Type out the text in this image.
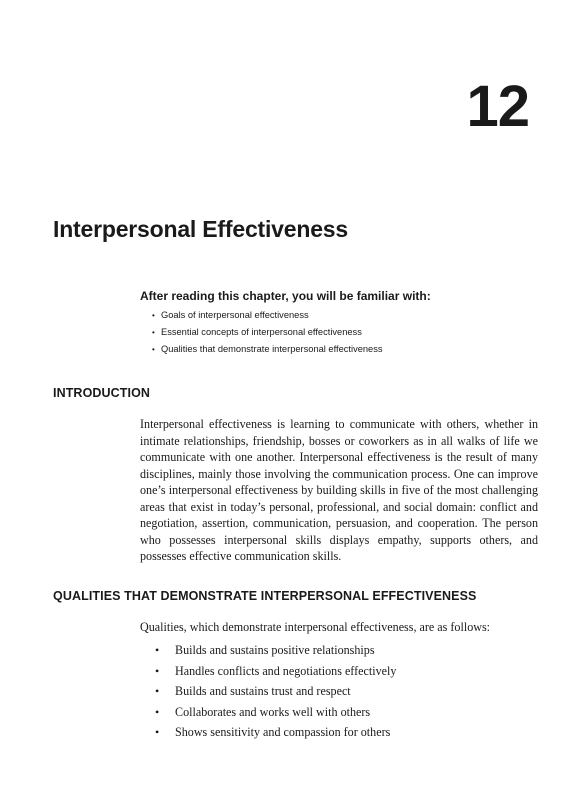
12
Interpersonal Effectiveness

After reading this chapter, you will be familiar with:

• Goals of interpersonal effectiveness
• Essential concepts of interpersonal effectiveness
• Qualities that demonstrate interpersonal effectiveness
INTRODUCTION

Interpersonal effectiveness is learning to communicate with others, whether in intimate relationships, friendship, bosses or coworkers as in all walks of life we communicate with one another. Interpersonal effectiveness is the result of many disciplines, mainly those involving the communication process. One can improve one’s interpersonal effectiveness by building skills in five of the most challenging areas that exist in today’s personal, professional, and social domain: conflict and negotiation, assertion, communication, persuasion, and cooperation. The person who possesses interpersonal skills displays empathy, supports others, and possesses effective communication skills.

QUALITIES THAT DEMONSTRATE INTERPERSONAL EFFECTIVENESS

Qualities, which demonstrate interpersonal effectiveness, are as follows:

• Builds and sustains positive relationships
• Handles conflicts and negotiations effectively
• Builds and sustains trust and respect
• Collaborates and works well with others
• Shows sensitivity and compassion for others
